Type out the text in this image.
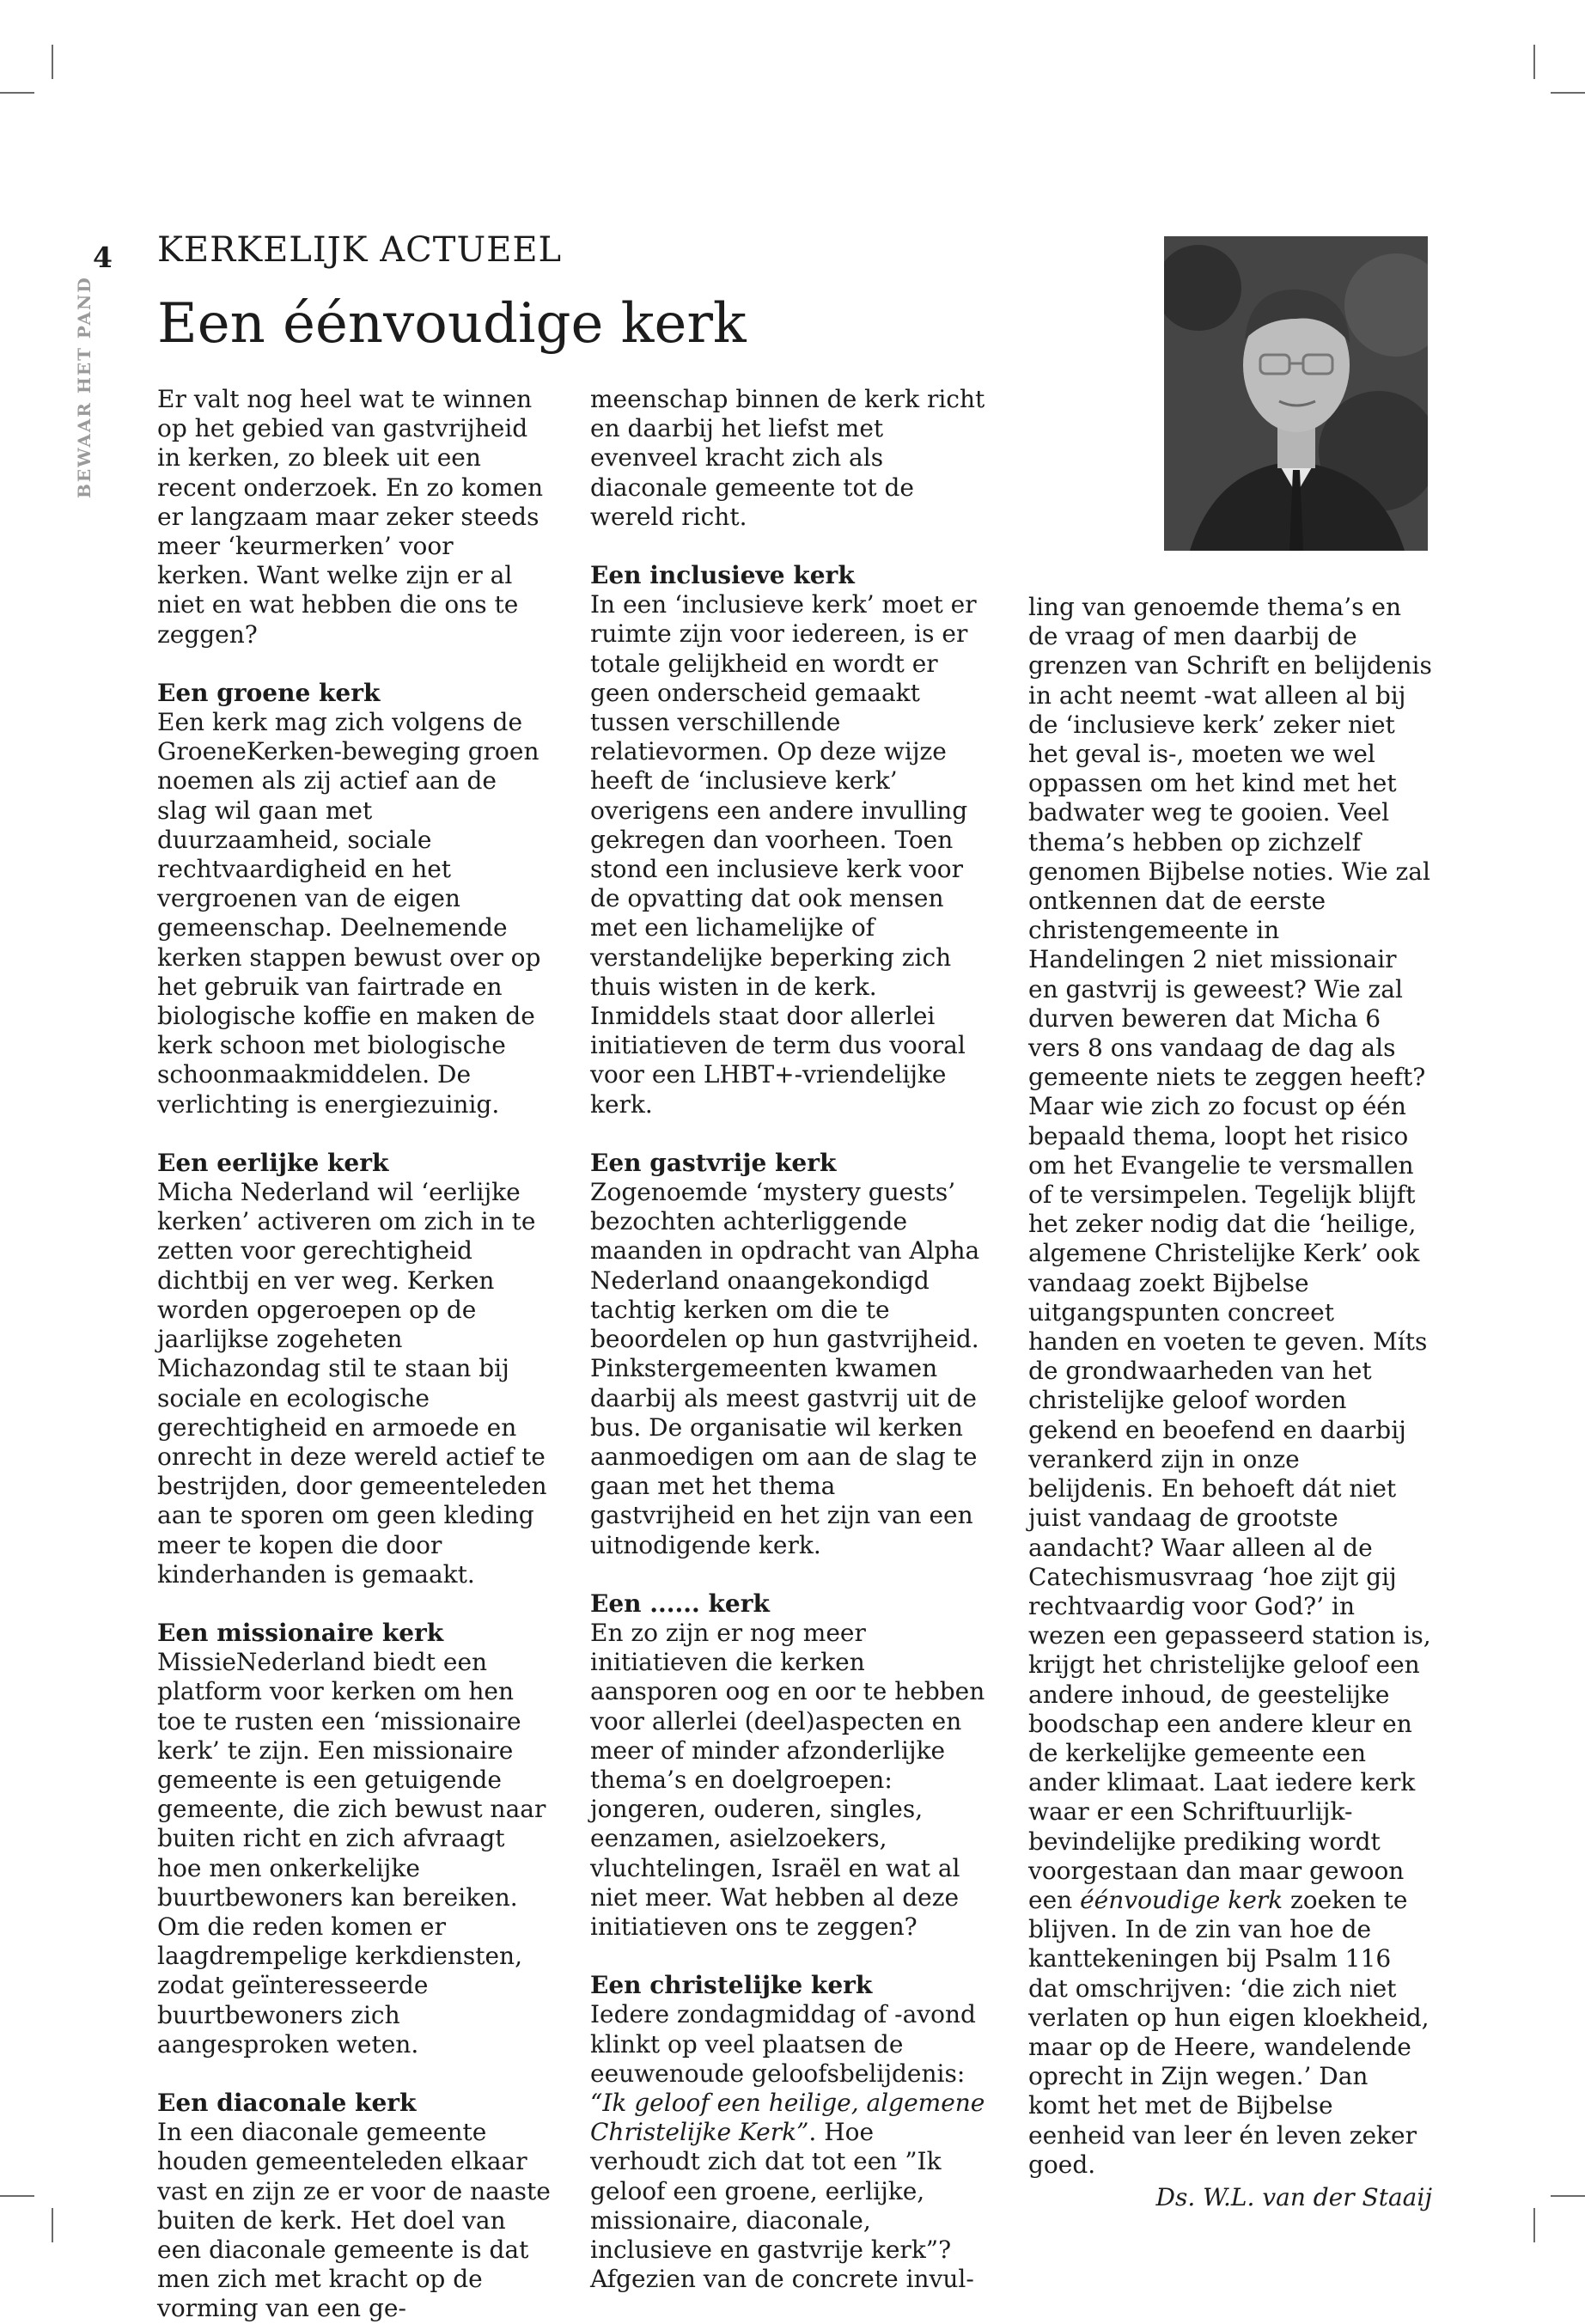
4
BEWAAR HET PAND
KERKELIJK ACTUEEL
Een éénvoudige kerk

Er valt nog heel wat te winnen op het gebied van gastvrijheid in kerken, zo bleek uit een recent onderzoek. En zo komen er langzaam maar zeker steeds meer ‘keurmerken’ voor kerken. Want welke zijn er al niet en wat hebben die ons te zeggen?

Een groene kerk

Een kerk mag zich volgens de GroeneKerken-beweging groen noemen als zij actief aan de slag wil gaan met duurzaamheid, sociale rechtvaardigheid en het vergroenen van de eigen gemeenschap. Deelnemende kerken stappen bewust over op het gebruik van fairtrade en biologische koffie en maken de kerk schoon met biologische schoonmaakmiddelen. De verlichting is energiezuinig.

Een eerlijke kerk

Micha Nederland wil ‘eerlijke kerken’ activeren om zich in te zetten voor gerechtigheid dichtbij en ver weg. Kerken worden opgeroepen op de jaarlijkse zogeheten Michazondag stil te staan bij sociale en ecologische gerechtigheid en armoede en onrecht in deze wereld actief te bestrijden, door gemeenteleden aan te sporen om geen kleding meer te kopen die door kinderhanden is gemaakt.

Een missionaire kerk

MissieNederland biedt een platform voor kerken om hen toe te rusten een ‘missionaire kerk’ te zijn. Een missionaire gemeente is een getuigende gemeente, die zich bewust naar buiten richt en zich afvraagt hoe men onkerkelijke buurtbewoners kan bereiken. Om die reden komen er laagdrempelige kerkdiensten, zodat geïnteresseerde buurtbewoners zich aangesproken weten.

Een diaconale kerk

In een diaconale gemeente houden gemeenteleden elkaar vast en zijn ze er voor de naaste buiten de kerk. Het doel van een diaconale gemeente is dat men zich met kracht op de vorming van een ge-

meenschap binnen de kerk richt en daarbij het liefst met evenveel kracht zich als diaconale gemeente tot de wereld richt.

Een inclusieve kerk

In een ‘inclusieve kerk’ moet er ruimte zijn voor iedereen, is er totale gelijkheid en wordt er geen onderscheid gemaakt tussen verschillende relatievormen. Op deze wijze heeft de ‘inclusieve kerk’ overigens een andere invulling gekregen dan voorheen. Toen stond een inclusieve kerk voor de opvatting dat ook mensen met een lichamelijke of verstandelijke beperking zich thuis wisten in de kerk. Inmiddels staat door allerlei initiatieven de term dus vooral voor een LHBT+-vriendelijke kerk.

Een gastvrije kerk

Zogenoemde ‘mystery guests’ bezochten achterliggende maanden in opdracht van Alpha Nederland onaangekondigd tachtig kerken om die te beoordelen op hun gastvrijheid. Pinkstergemeenten kwamen daarbij als meest gastvrij uit de bus. De organisatie wil kerken aanmoedigen om aan de slag te gaan met het thema gastvrijheid en het zijn van een uitnodigende kerk.

Een ...... kerk

En zo zijn er nog meer initiatieven die kerken aansporen oog en oor te hebben voor allerlei (deel)aspecten en meer of minder afzonderlijke thema’s en doelgroepen: jongeren, ouderen, singles, eenzamen, asielzoekers, vluchtelingen, Israël en wat al niet meer. Wat hebben al deze initiatieven ons te zeggen?

Een christelijke kerk

Iedere zondagmiddag of -avond klinkt op veel plaatsen de eeuwenoude geloofsbelijdenis: “Ik geloof een heilige, algemene Christelijke Kerk”. Hoe verhoudt zich dat tot een ”Ik geloof een groene, eerlijke, missionaire, diaconale, inclusieve en gastvrije kerk”?

Afgezien van de concrete invul-

ling van genoemde thema’s en de vraag of men daarbij de grenzen van Schrift en belijdenis in acht neemt -wat alleen al bij de ‘inclusieve kerk’ zeker niet het geval is-, moeten we wel oppassen om het kind met het badwater weg te gooien. Veel thema’s hebben op zichzelf genomen Bijbelse noties. Wie zal ontkennen dat de eerste christengemeente in Handelingen 2 niet missionair en gastvrij is geweest? Wie zal durven beweren dat Micha 6 vers 8 ons vandaag de dag als gemeente niets te zeggen heeft? Maar wie zich zo focust op één bepaald thema, loopt het risico om het Evangelie te versmallen of te versimpelen. Tegelijk blijft het zeker nodig dat die ‘heilige, algemene Christelijke Kerk’ ook vandaag zoekt Bijbelse uitgangspunten concreet handen en voeten te geven. Míts de grondwaarheden van het christelijke geloof worden gekend en beoefend en daarbij verankerd zijn in onze belijdenis. En behoeft dát niet juist vandaag de grootste aandacht? Waar alleen al de Catechismusvraag ‘hoe zijt gij rechtvaardig voor God?’ in wezen een gepasseerd station is, krijgt het christelijke geloof een andere inhoud, de geestelijke boodschap een andere kleur en de kerkelijke gemeente een ander klimaat. Laat iedere kerk waar er een Schriftuurlijk-bevindelijke prediking wordt voorgestaan dan maar gewoon een éénvoudige kerk zoeken te blijven. In de zin van hoe de kanttekeningen bij Psalm 116 dat omschrijven: ‘die zich niet verlaten op hun eigen kloekheid, maar op de Heere, wandelende oprecht in Zijn wegen.’ Dan komt het met de Bijbelse eenheid van leer én leven zeker goed.

Ds. W.L. van der Staaij
